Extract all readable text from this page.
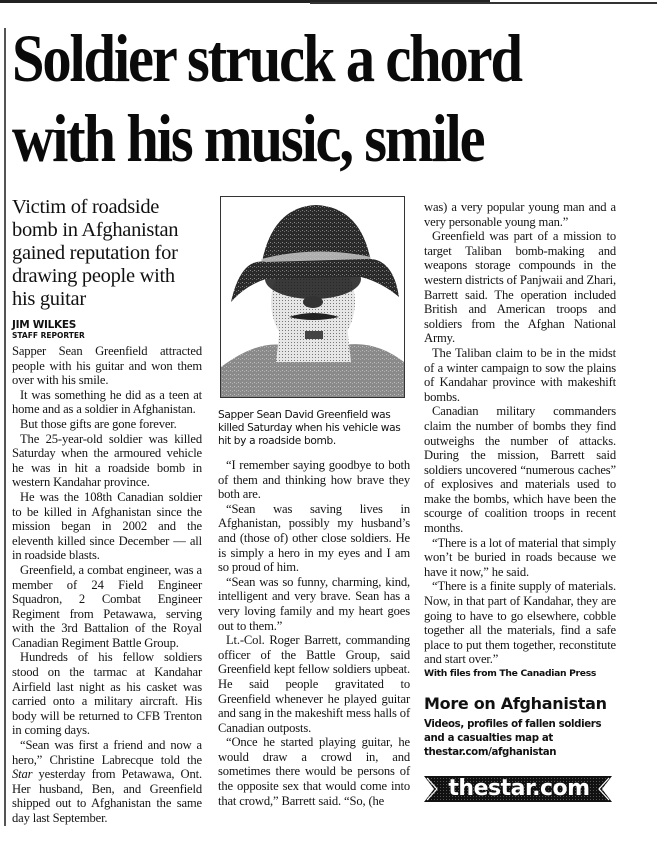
Soldier struck a chord
with his music, smile
Victim of roadside bomb in Afghanistan gained reputation for drawing people with his guitar
JIM WILKES
STAFF REPORTER

Sapper Sean Greenfield attracted people with his guitar and won them over with his smile.

It was something he did as a teen at home and as a soldier in Afghanistan.

But those gifts are gone forever.

The 25-year-old soldier was killed Saturday when the armoured vehicle he was in hit a roadside bomb in western Kandahar province.

He was the 108th Canadian soldier to be killed in Afghanistan since the mission began in 2002 and the eleventh killed since December — all in roadside blasts.

Greenfield, a combat engineer, was a member of 24 Field Engineer Squadron, 2 Combat Engineer Regiment from Petawawa, serving with the 3rd Battalion of the Royal Canadian Regiment Battle Group.

Hundreds of his fellow soldiers stood on the tarmac at Kandahar Airfield last night as his casket was carried onto a military aircraft. His body will be returned to CFB Trenton in coming days.

“Sean was first a friend and now a hero,” Christine Labrecque told the Star yesterday from Petawawa, Ont. Her husband, Ben, and Greenfield shipped out to Afghanistan the same day last September.

Sapper Sean David Greenfield was killed Saturday when his vehicle was hit by a roadside bomb.

“I remember saying goodbye to both of them and thinking how brave they both are.

“Sean was saving lives in Afghanistan, possibly my husband’s and (those of) other close soldiers. He is simply a hero in my eyes and I am so proud of him.

“Sean was so funny, charming, kind, intelligent and very brave. Sean has a very loving family and my heart goes out to them.”

Lt.-Col. Roger Barrett, commanding officer of the Battle Group, said Greenfield kept fellow soldiers upbeat. He said people gravitated to Greenfield whenever he played guitar and sang in the makeshift mess halls of Canadian outposts.

“Once he started playing guitar, he would draw a crowd in, and sometimes there would be persons of the opposite sex that would come into that crowd,” Barrett said. “So, (he

was) a very popular young man and a very personable young man.”

Greenfield was part of a mission to target Taliban bomb-making and weapons storage compounds in the western districts of Panjwaii and Zhari, Barrett said. The operation included British and American troops and soldiers from the Afghan National Army.

The Taliban claim to be in the midst of a winter campaign to sow the plains of Kandahar province with makeshift bombs.

Canadian military commanders claim the number of bombs they find outweighs the number of attacks. During the mission, Barrett said soldiers uncovered “numerous caches” of explosives and materials used to make the bombs, which have been the scourge of coalition troops in recent months.

“There is a lot of material that simply won’t be buried in roads because we have it now,” he said.

“There is a finite supply of materials. Now, in that part of Kandahar, they are going to have to go elsewhere, cobble together all the materials, find a safe place to put them together, reconstitute and start over.”

With files from The Canadian Press
More on Afghanistan
Videos, profiles of fallen soldiers and a casualties map at thestar.com/afghanistan
thestar.com
